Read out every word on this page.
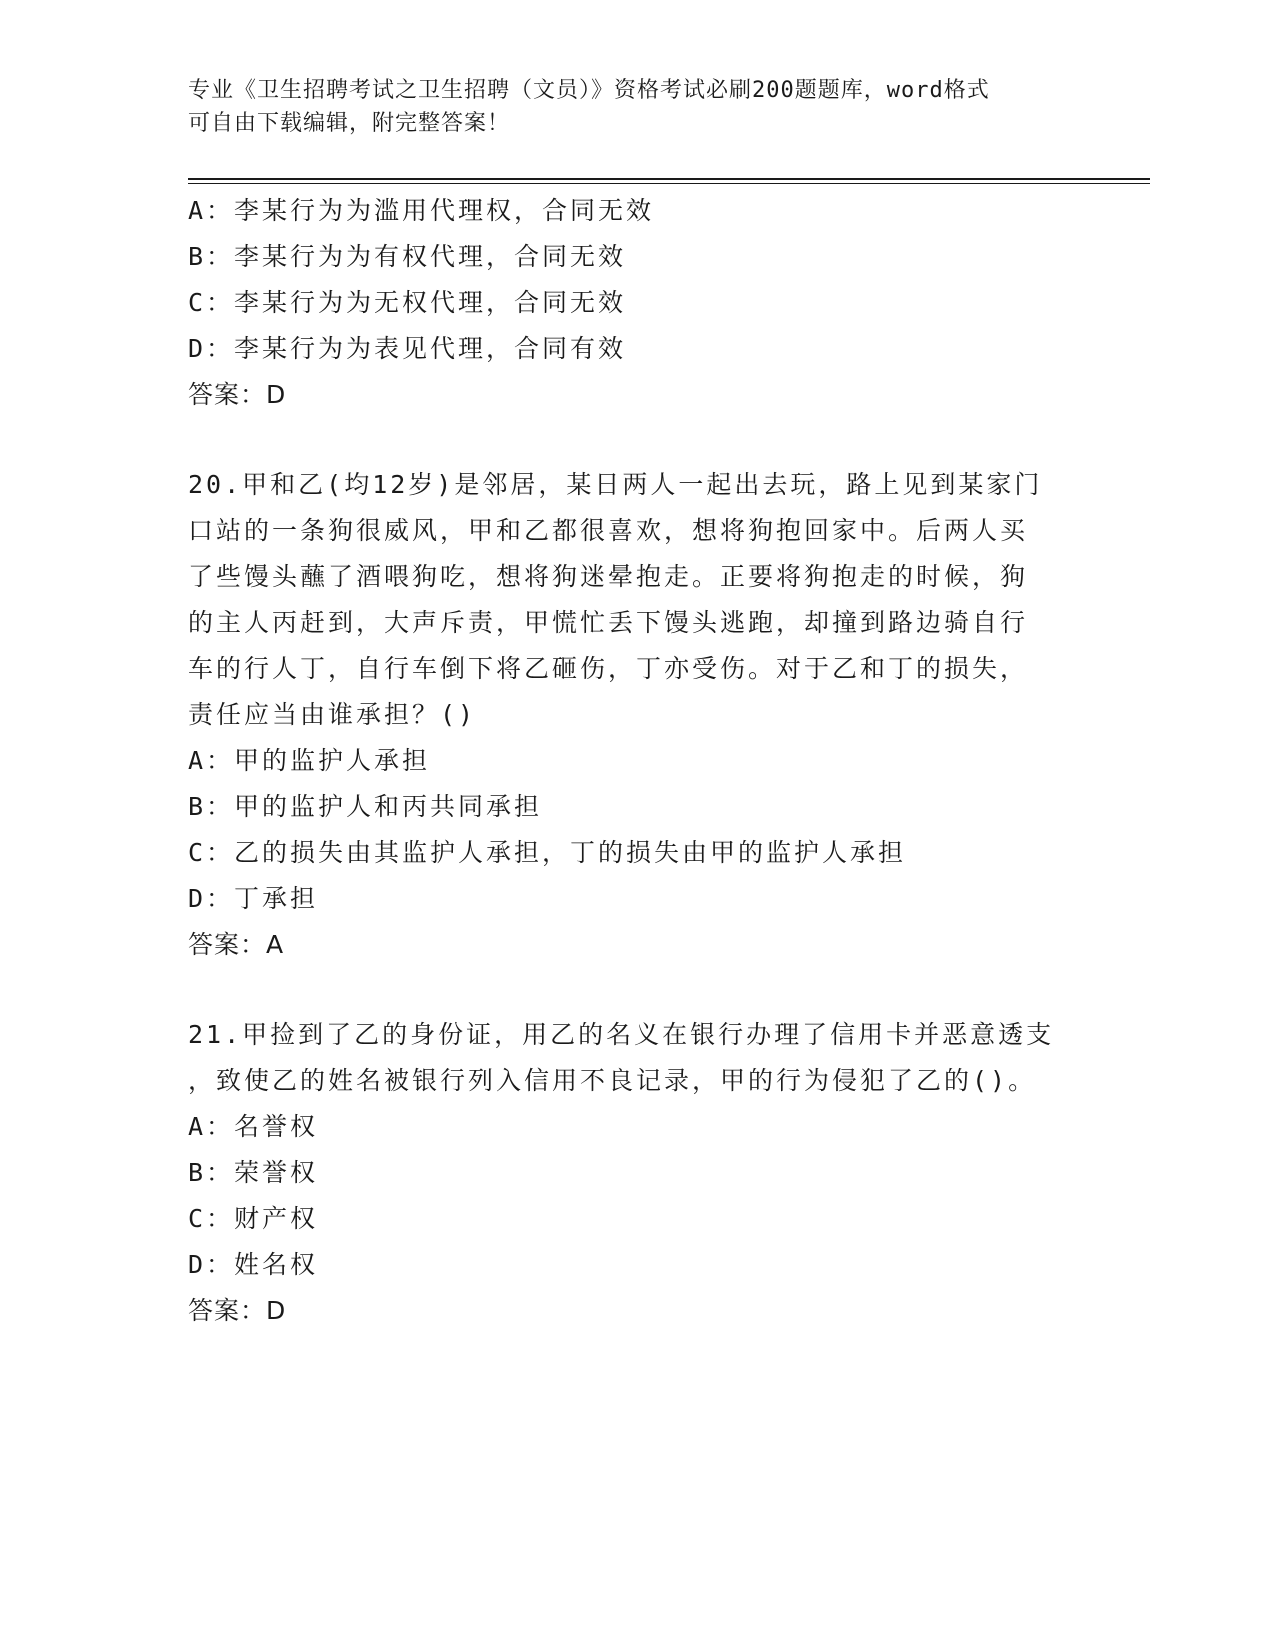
专业《卫生招聘考试之卫生招聘（文员）》资格考试必刷200题题库，word格式
可自由下载编辑，附完整答案！
A：李某行为为滥用代理权，合同无效
B：李某行为为有权代理，合同无效
C：李某行为为无权代理，合同无效
D：李某行为为表见代理，合同有效
答案：D
20.甲和乙(均12岁)是邻居，某日两人一起出去玩，路上见到某家门
口站的一条狗很威风，甲和乙都很喜欢，想将狗抱回家中。后两人买
了些馒头蘸了酒喂狗吃，想将狗迷晕抱走。正要将狗抱走的时候，狗
的主人丙赶到，大声斥责，甲慌忙丢下馒头逃跑，却撞到路边骑自行
车的行人丁，自行车倒下将乙砸伤，丁亦受伤。对于乙和丁的损失，
责任应当由谁承担？()
A：甲的监护人承担
B：甲的监护人和丙共同承担
C：乙的损失由其监护人承担，丁的损失由甲的监护人承担
D：丁承担
答案：A
21.甲捡到了乙的身份证，用乙的名义在银行办理了信用卡并恶意透支
，致使乙的姓名被银行列入信用不良记录，甲的行为侵犯了乙的()。
A：名誉权
B：荣誉权
C：财产权
D：姓名权
答案：D
